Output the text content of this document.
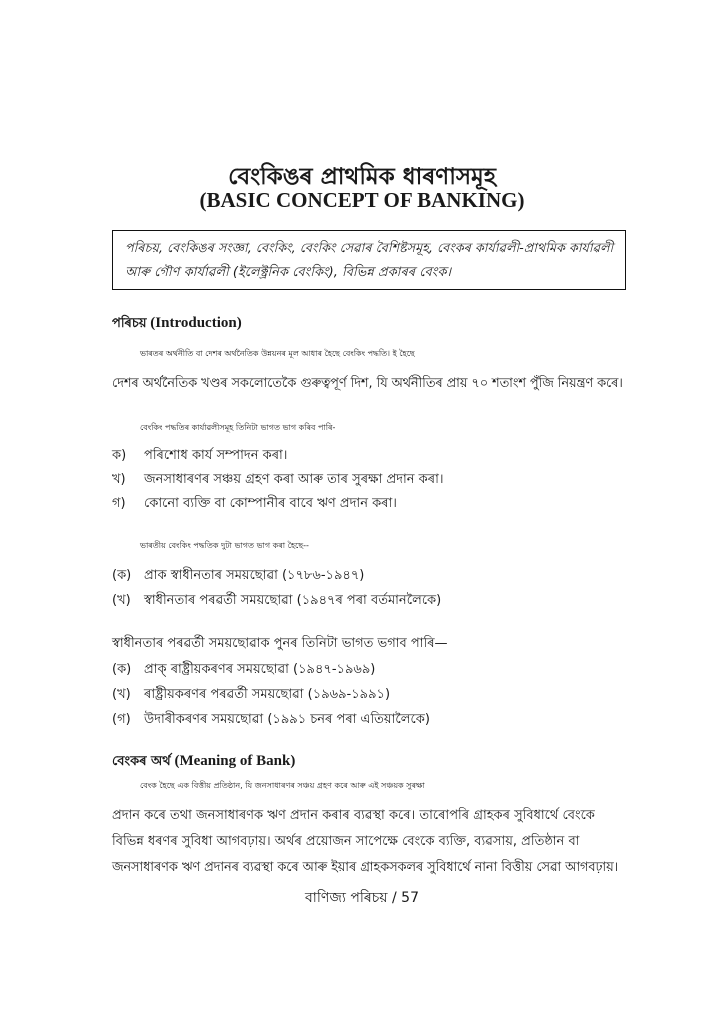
বেংকিঙৰ প্ৰাথমিক ধাৰণাসমূহ
(BASIC CONCEPT OF BANKING)
পৰিচয়, বেংকিঙৰ সংজ্ঞা, বেংকিং, বেংকিং সেৱাৰ বৈশিষ্টসমূহ, বেংকৰ কাৰ্যাৱলী-প্ৰাথমিক কাৰ্যাৱলী
আৰু গৌণ কাৰ্যাৱলী (ইলেক্ট্ৰনিক বেংকিং), বিভিন্ন প্ৰকাৰৰ বেংক।
পৰিচয় (Introduction)
ভাৰতৰ অৰ্থনীতি বা দেশৰ অৰ্থনৈতিক উন্নয়নৰ মূল আধাৰ হৈছে বেংকিং পদ্ধতি। ই হৈছে
দেশৰ অৰ্থনৈতিক খণ্ডৰ সকলোতেকৈ গুৰুত্বপূৰ্ণ দিশ, যি অৰ্থনীতিৰ প্ৰায় ৭০ শতাংশ পুঁজি নিয়ন্ত্ৰণ কৰে।
বেংকিং পদ্ধতিৰ কাৰ্যাৱলীসমূহ তিনিটা ভাগত ভাগ কৰিব পাৰি-
ক) পৰিশোধ কাৰ্য সম্পাদন কৰা।
খ) জনসাধাৰণৰ সঞ্চয় গ্ৰহণ কৰা আৰু তাৰ সুৰক্ষা প্ৰদান কৰা।
গ) কোনো ব্যক্তি বা কোম্পানীৰ বাবে ঋণ প্ৰদান কৰা।
ভাৰতীয় বেংকিং পদ্ধতিক দুটা ভাগত ভাগ কৰা হৈছে--
(ক) প্ৰাক স্বাধীনতাৰ সময়ছোৱা (১৭৮৬-১৯৪৭)
(খ) স্বাধীনতাৰ পৰৱৰ্তী সময়ছোৱা (১৯৪৭ৰ পৰা বৰ্তমানলৈকে)
স্বাধীনতাৰ পৰৱৰ্তী সময়ছোৱাক পুনৰ তিনিটা ভাগত ভগাব পাৰি—
(ক) প্ৰাক্ ৰাষ্ট্ৰীয়কৰণৰ সময়ছোৱা (১৯৪৭-১৯৬৯)
(খ) ৰাষ্ট্ৰীয়কৰণৰ পৰৱৰ্তী সময়ছোৱা (১৯৬৯-১৯৯১)
(গ) উদাৰীকৰণৰ সময়ছোৱা (১৯৯১ চনৰ পৰা এতিয়ালৈকে)
বেংকৰ অৰ্থ (Meaning of Bank)
বেংক হৈছে এক বিত্তীয় প্ৰতিষ্ঠান, যি জনসাধাৰণৰ সঞ্চয় গ্ৰহণ কৰে আৰু এই সঞ্চয়ক সুৰক্ষা
প্ৰদান কৰে তথা জনসাধাৰণক ঋণ প্ৰদান কৰাৰ ব্যৱস্থা কৰে। তাৰোপৰি গ্ৰাহকৰ সুবিধাৰ্থে বেংকে
বিভিন্ন ধৰণৰ সুবিধা আগবঢ়ায়। অৰ্থৰ প্ৰয়োজন সাপেক্ষে বেংকে ব্যক্তি, ব্যৱসায়, প্ৰতিষ্ঠান বা
জনসাধাৰণক ঋণ প্ৰদানৰ ব্যৱস্থা কৰে আৰু ইয়াৰ গ্ৰাহকসকলৰ সুবিধাৰ্থে নানা বিত্তীয় সেৱা আগবঢ়ায়।
বাণিজ্য পৰিচয় / 57
